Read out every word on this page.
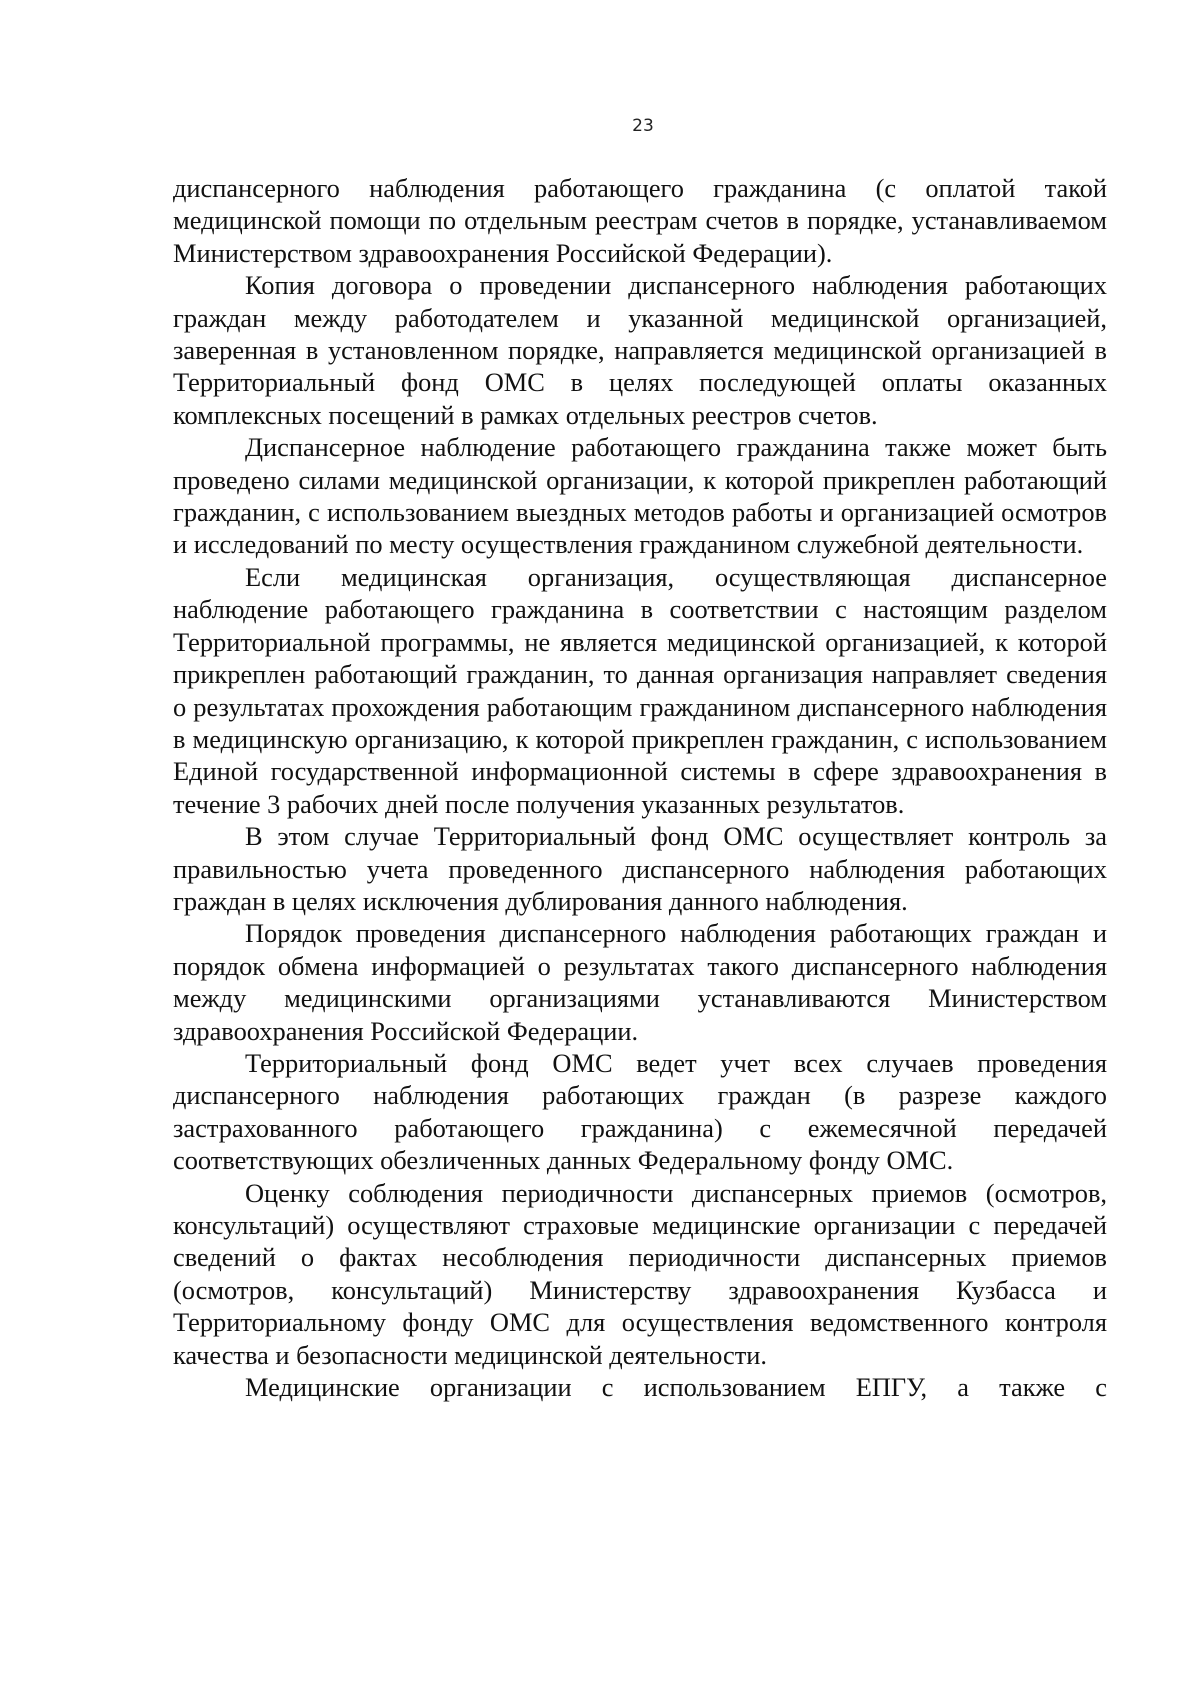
23

диспансерного наблюдения работающего гражданина (с оплатой такой медицинской помощи по отдельным реестрам счетов в порядке, устанавливаемом Министерством здравоохранения Российской Федерации).

Копия договора о проведении диспансерного наблюдения работающих граждан между работодателем и указанной медицинской организацией, заверенная в установленном порядке, направляется медицинской организацией в Территориальный фонд ОМС в целях последующей оплаты оказанных комплексных посещений в рамках отдельных реестров счетов.

Диспансерное наблюдение работающего гражданина также может быть проведено силами медицинской организации, к которой прикреплен работающий гражданин, с использованием выездных методов работы и организацией осмотров и исследований по месту осуществления гражданином служебной деятельности.

Если медицинская организация, осуществляющая диспансерное наблюдение работающего гражданина в соответствии с настоящим разделом Территориальной программы, не является медицинской организацией, к которой прикреплен работающий гражданин, то данная организация направляет сведения о результатах прохождения работающим гражданином диспансерного наблюдения в медицинскую организацию, к которой прикреплен гражданин, с использованием Единой государственной информационной системы в сфере здравоохранения в течение 3 рабочих дней после получения указанных результатов.

В этом случае Территориальный фонд ОМС осуществляет контроль за правильностью учета проведенного диспансерного наблюдения работающих граждан в целях исключения дублирования данного наблюдения.

Порядок проведения диспансерного наблюдения работающих граждан и порядок обмена информацией о результатах такого диспансерного наблюдения между медицинскими организациями устанавливаются Министерством здравоохранения Российской Федерации.

Территориальный фонд ОМС ведет учет всех случаев проведения диспансерного наблюдения работающих граждан (в разрезе каждого застрахованного работающего гражданина) с ежемесячной передачей соответствующих обезличенных данных Федеральному фонду ОМС.

Оценку соблюдения периодичности диспансерных приемов (осмотров, консультаций) осуществляют страховые медицинские организации с передачей сведений о фактах несоблюдения периодичности диспансерных приемов (осмотров, консультаций) Министерству здравоохранения Кузбасса и Территориальному фонду ОМС для осуществления ведомственного контроля качества и безопасности медицинской деятельности.

Медицинские организации с использованием ЕПГУ, а также с
